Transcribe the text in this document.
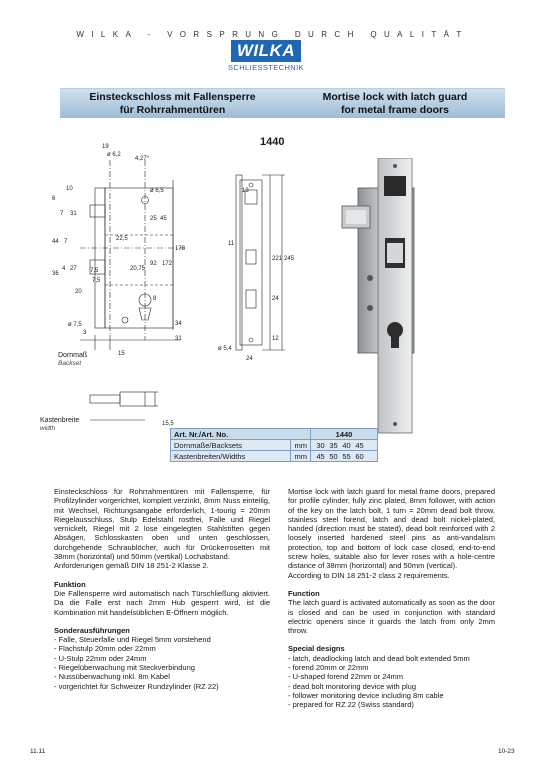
WILKA - VORSPRUNG DURCH QUALITÄT
WILKA
SCHLIESSTECHNIK
Einsteckschloss mit Fallensperre
für Rohrrahmentüren
Mortise lock with latch guard
for metal frame doors
1440
19
ø 6,2
4,27°
10
6
7 31
44 7
36
4 27 7,5
20
ø 7,5
3
ø 6,5
25 45
22,5
20,75
7,5
92
8
172
178
15
13
11
221 245
24
12
ø 5,4
24
34
31
15,5
Dornmaß
Backset
Kastenbreite
width
Art. Nr./Art. No.		1440
Dornmaße/Backsets	mm	30 35 40 45
Kastenbreiten/Widths	mm	45 50 55 60

Einsteckschloss für Rohrrahmentüren mit Fallensperre, für Profilzylinder vorgerichtet, komplett verzinkt, 8mm Nuss einteilig, mit Wechsel, Richtungsangabe erforderlich, 1-tourig = 20mm Riegelausschluss, Stulp Edelstahl rostfrei, Falle und Riegel vernickelt, Riegel mit 2 lose eingelegten Stahlstiften gegen Absägen, Schlosskasten oben und unten geschlossen, durchgehende Schraublöcher, auch für Drückerrosetten mit 38mm (horizontal) und 50mm (vertikal) Lochabstand.

Anforderungen gemäß DIN 18 251-2 Klasse 2.

Funktion

Die Fallensperre wird automatisch nach Türschließung aktiviert. Da die Falle erst nach 2mm Hub gesperrt wird, ist die Kombination mit handelsüblichen E-Öffnern möglich.

Sonderausführungen
- Falle, Steuerfalle und Riegel 5mm vorstehend
- Flachstulp 20mm oder 22mm
- U-Stulp 22mm oder 24mm
- Riegelüberwachung mit Steckverbindung
- Nussüberwachung inkl. 8m Kabel
- vorgerichtet für Schweizer Rundzylinder (RZ 22)

Mortise lock with latch guard for metal frame doors, prepared for profile cylinder, fully zinc plated, 8mm follower, with action of the key on the latch bolt, 1 turn = 20mm dead bolt throw, stainless steel forend, latch and dead bolt nickel-plated, handed (direction must be stated), dead bolt reinforced with 2 loosely inserted hardened steel pins as anti-vandalism protection, top and bottom of lock case closed, end-to-end screw holes, suitable also for lever roses with a hole-centre distance of 38mm (horizontal) and 50mm (vertical).

According to DIN 18 251-2 class 2 requirements.

Function

The latch guard is activated automatically as soon as the door is closed and can be used in conjunction with standard electric openers since it guards the latch from only 2mm throw.

Special designs
- latch, deadlocking latch and dead bolt extended 5mm
- forend 20mm or 22mm
- U-shaped forend 22mm or 24mm
- dead bolt monitoring device with plug
- follower monitoring device including 8m cable
- prepared for RZ 22 (Swiss standard)
11.11	10-23
